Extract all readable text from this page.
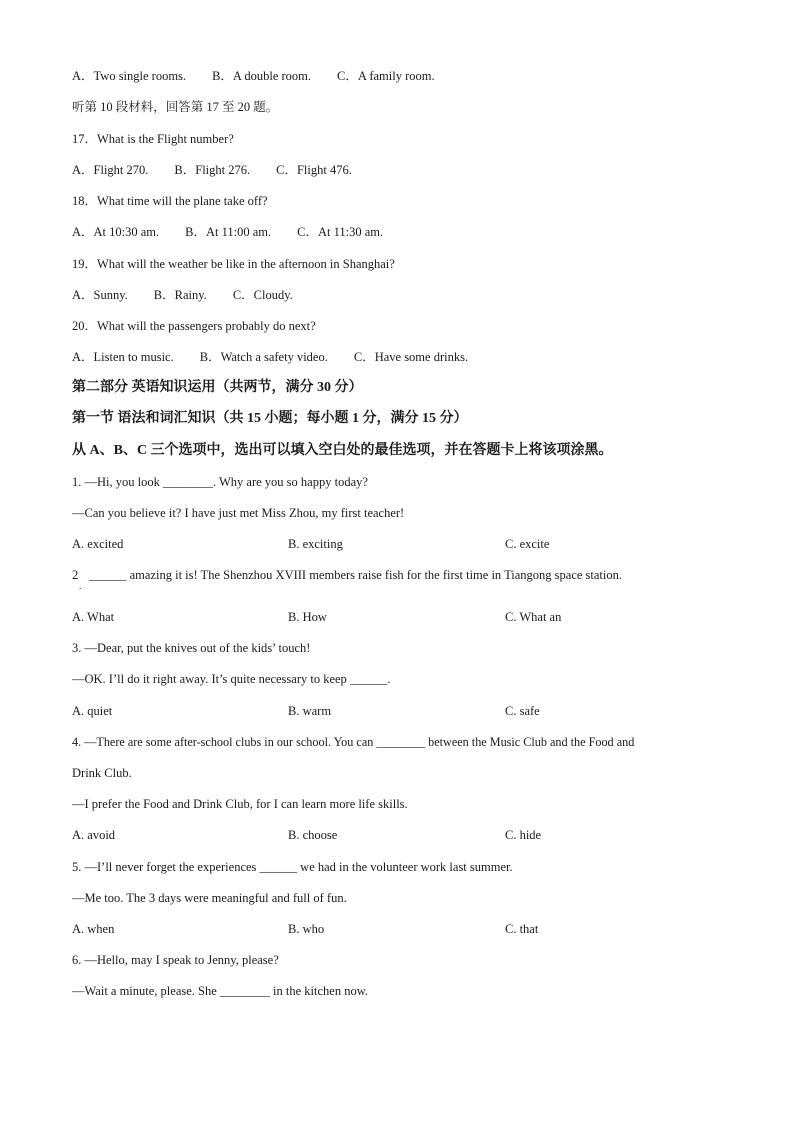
A．Two single rooms. B．A double room. C．A family room.
听第 10 段材料，回答第 17 至 20 题。
17．What is the Flight number?
A．Flight 270. B．Flight 276. C．Flight 476.
18．What time will the plane take off?
A．At 10:30 am. B．At 11:00 am. C．At 11:30 am.
19．What will the weather be like in the afternoon in Shanghai?
A．Sunny. B．Rainy. C．Cloudy.
20．What will the passengers probably do next?
A．Listen to music. B．Watch a safety video. C．Have some drinks.
第二部分 英语知识运用（共两节，满分 30 分）
第一节 语法和词汇知识（共 15 小题；每小题 1 分，满分 15 分）
从 A、B、C 三个选项中，选出可以填入空白处的最佳选项，并在答题卡上将该项涂黑。
1. —Hi, you look ________. Why are you so happy today?
—Can you believe it? I have just met Miss Zhou, my first teacher!
A. excited	B. exciting	C. excite
2
.
______ amazing it is! The Shenzhou XVIII members raise fish for the first time in Tiangong space station.
A. What	B. How	C. What an
3. —Dear, put the knives out of the kids’ touch!
—OK. I’ll do it right away. It’s quite necessary to keep ______.
A. quiet	B. warm	C. safe
4. —There are some after-school clubs in our school. You can ________ between the Music Club and the Food and
Drink Club.
—I prefer the Food and Drink Club, for I can learn more life skills.
A. avoid	B. choose	C. hide
5. —I’ll never forget the experiences ______ we had in the volunteer work last summer.
—Me too. The 3 days were meaningful and full of fun.
A. when	B. who	C. that
6. —Hello, may I speak to Jenny, please?
—Wait a minute, please. She ________ in the kitchen now.
